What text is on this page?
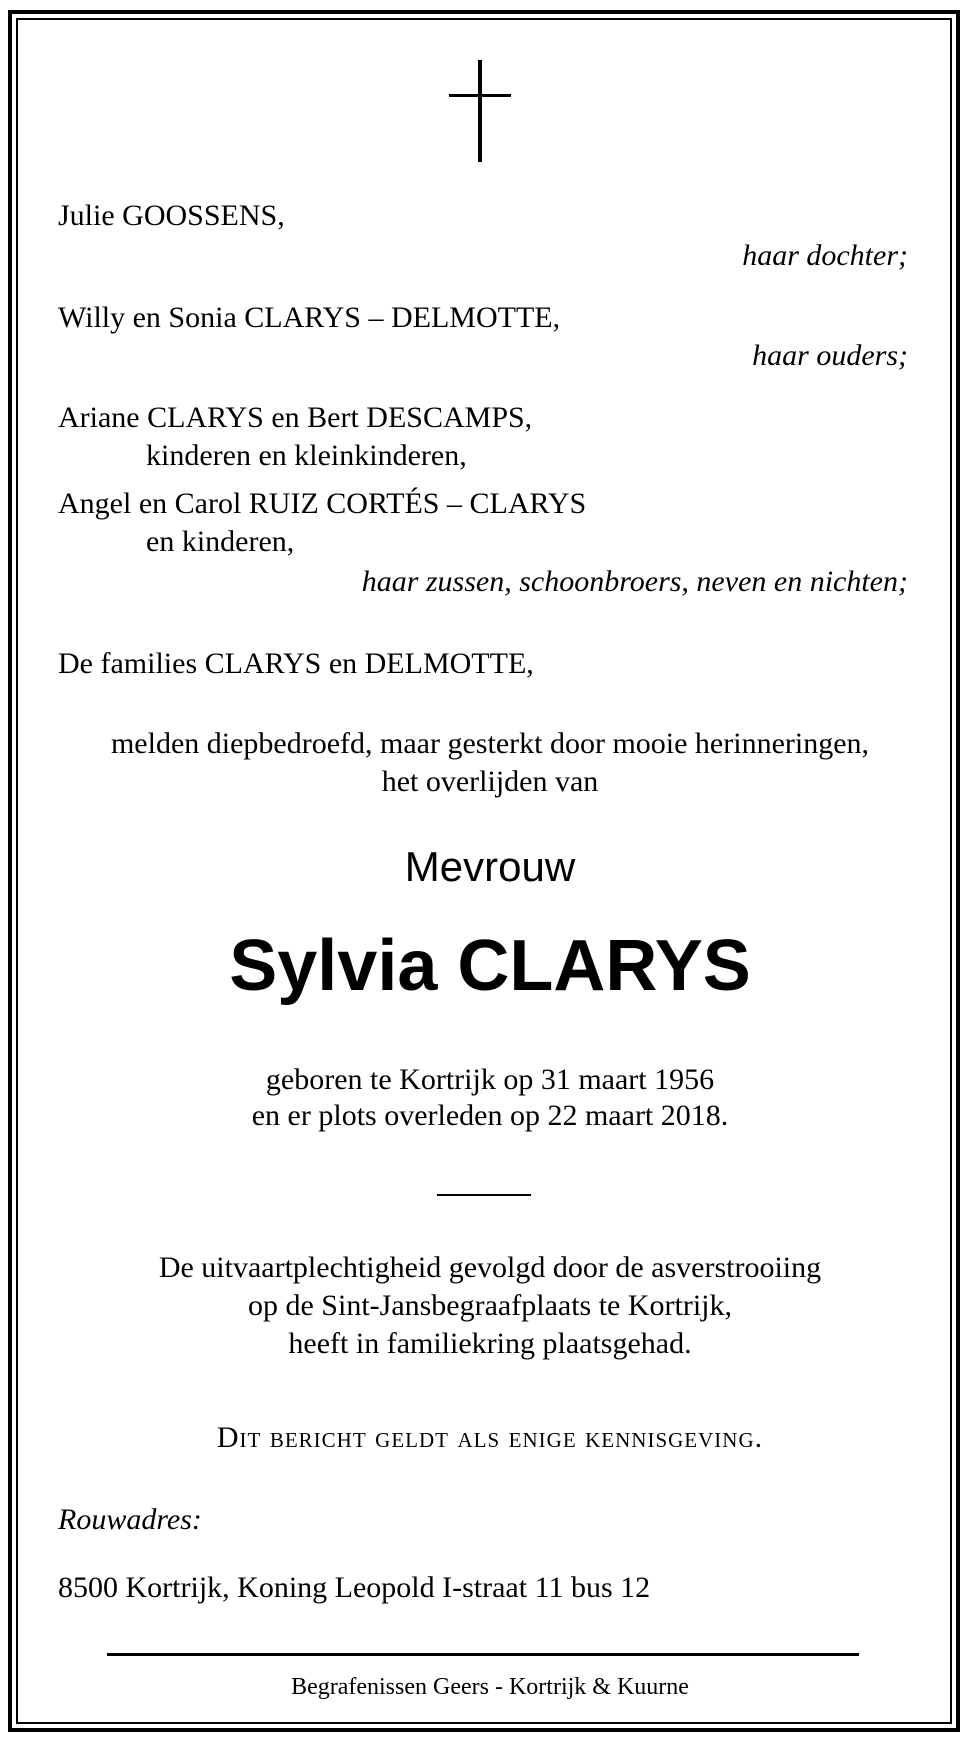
Julie GOOSSENS,
haar dochter;
Willy en Sonia CLARYS – DELMOTTE,
haar ouders;
Ariane CLARYS en Bert DESCAMPS,
kinderen en kleinkinderen,
Angel en Carol RUIZ CORTÉS – CLARYS
en kinderen,
haar zussen, schoonbroers, neven en nichten;
De families CLARYS en DELMOTTE,
melden diepbedroefd, maar gesterkt door mooie herinneringen,
het overlijden van
Mevrouw
Sylvia CLARYS
geboren te Kortrijk op 31 maart 1956
en er plots overleden op 22 maart 2018.
De uitvaartplechtigheid gevolgd door de asverstrooiing
op de Sint-Jansbegraafplaats te Kortrijk,
heeft in familiekring plaatsgehad.
Dit bericht geldt als enige kennisgeving.
Rouwadres:
8500 Kortrijk, Koning Leopold I-straat 11 bus 12
Begrafenissen Geers - Kortrijk & Kuurne
